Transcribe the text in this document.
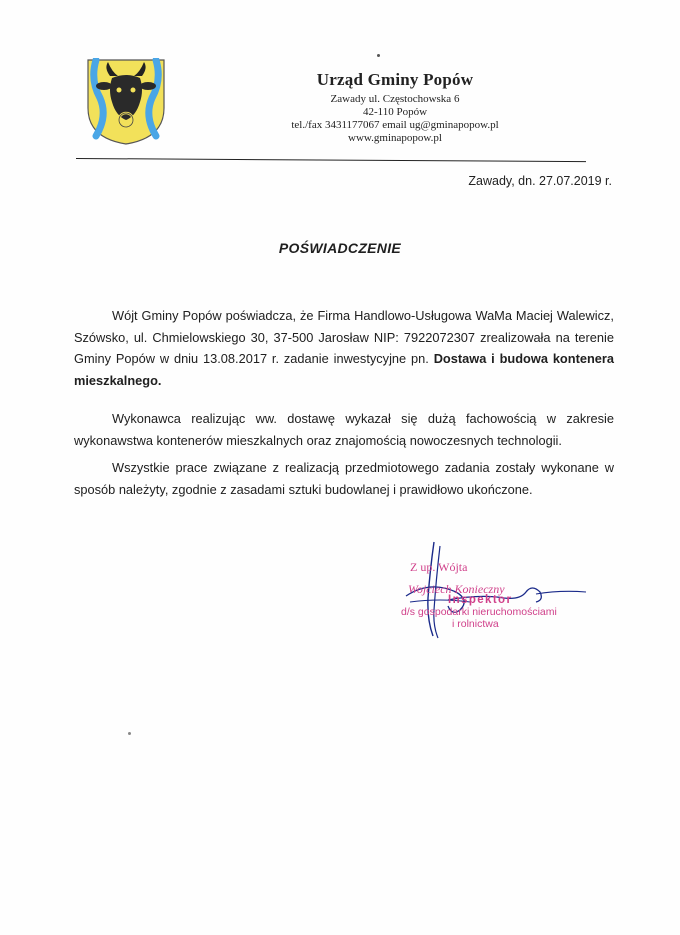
Urząd Gminy Popów
Zawady ul. Częstochowska 6
42-110 Popów
tel./fax 3431177067 email ug@gminapopow.pl
www.gminapopow.pl
Zawady, dn. 27.07.2019 r.
POŚWIADCZENIE
Wójt Gminy Popów poświadcza, że Firma Handlowo-Usługowa WaMa Maciej Walewicz, Szówsko, ul. Chmielowskiego 30, 37-500 Jarosław NIP: 7922072307 zrealizowała na terenie Gminy Popów w dniu 13.08.2017 r. zadanie inwestycyjne pn. Dostawa i budowa kontenera mieszkalnego.
Wykonawca realizując ww. dostawę wykazał się dużą fachowością w zakresie wykonawstwa kontenerów mieszkalnych oraz znajomością nowoczesnych technologii.
Wszystkie prace związane z realizacją przedmiotowego zadania zostały wykonane w sposób należyty, zgodnie z zasadami sztuki budowlanej i prawidłowo ukończone.
Z up. Wójta
Wojciech Konieczny
Inspektor
d/s gospodarki nieruchomościami
i rolnictwa
